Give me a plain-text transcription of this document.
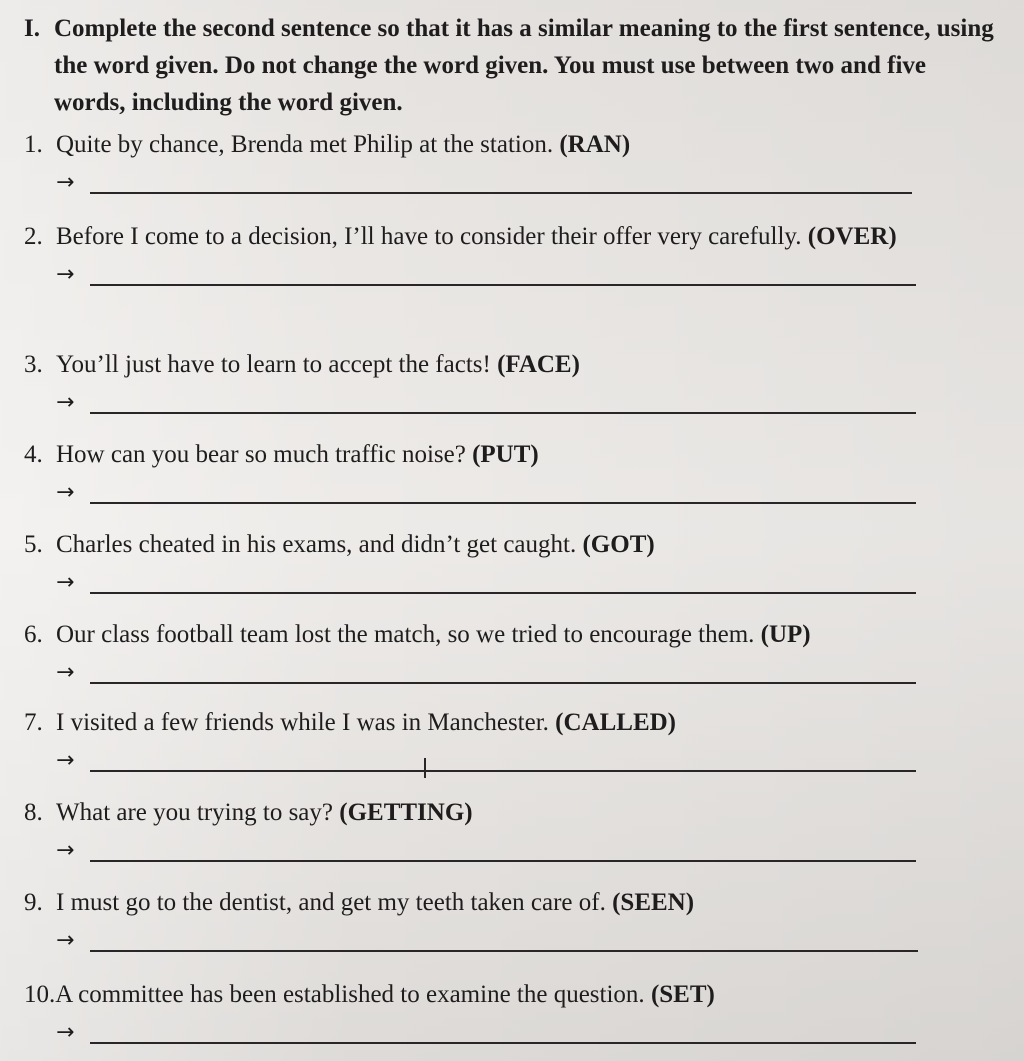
I. Complete the second sentence so that it has a similar meaning to the first sentence, using the word given. Do not change the word given. You must use between two and five words, including the word given.
1. Quite by chance, Brenda met Philip at the station. (RAN)
→
2. Before I come to a decision, I’ll have to consider their offer very carefully. (OVER)
→
3. You’ll just have to learn to accept the facts! (FACE)
→
4. How can you bear so much traffic noise? (PUT)
→
5. Charles cheated in his exams, and didn’t get caught. (GOT)
→
6. Our class football team lost the match, so we tried to encourage them. (UP)
→
7. I visited a few friends while I was in Manchester. (CALLED)
→
8. What are you trying to say? (GETTING)
→
9. I must go to the dentist, and get my teeth taken care of. (SEEN)
→
10. A committee has been established to examine the question. (SET)
→
